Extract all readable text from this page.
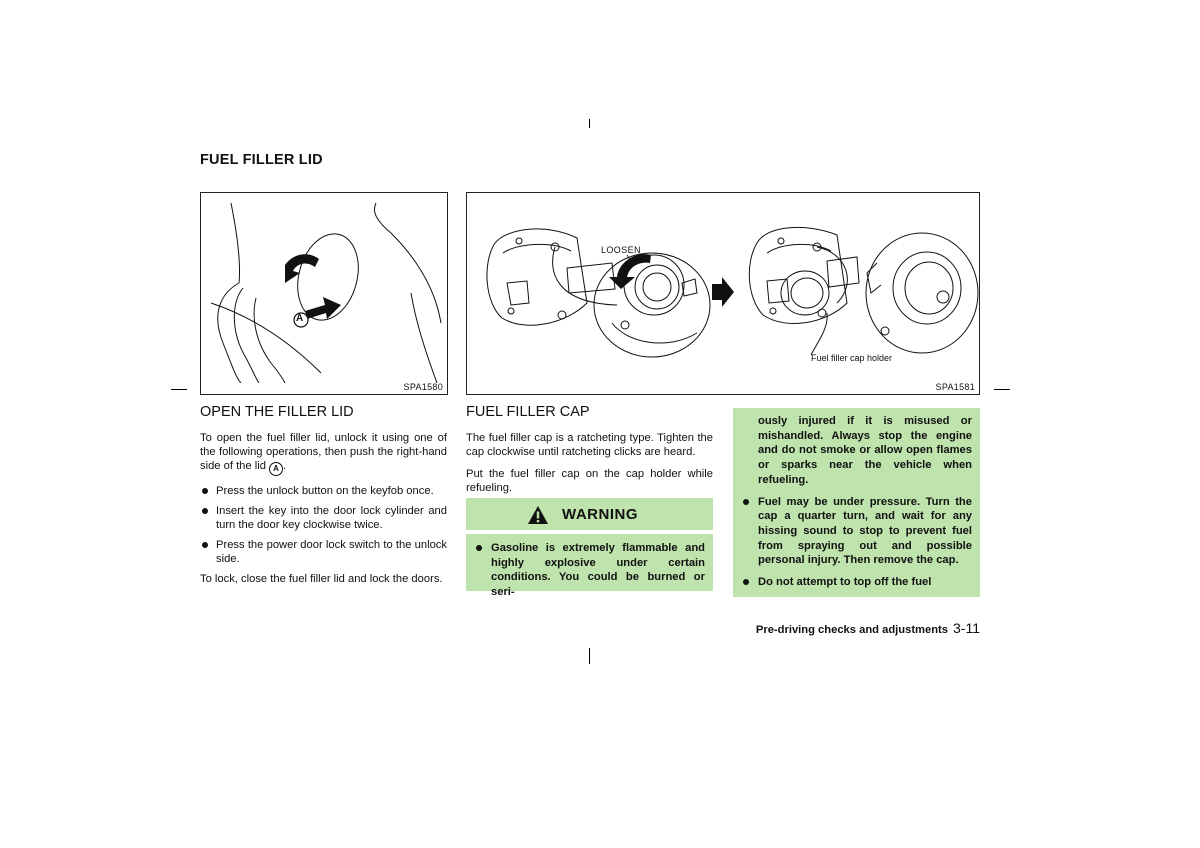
FUEL FILLER LID
A
SPA1580
LOOSEN
Fuel filler cap holder
SPA1581
OPEN THE FILLER LID

To open the fuel filler lid, unlock it using one of the following operations, then push the right-hand side of the lid A .

Press the unlock button on the keyfob once.
Insert the key into the door lock cylinder and turn the door key clockwise twice.
Press the power door lock switch to the unlock side.

To lock, close the fuel filler lid and lock the doors.

FUEL FILLER CAP

The fuel filler cap is a ratcheting type. Tighten the cap clockwise until ratcheting clicks are heard.

Put the fuel filler cap on the cap holder while refueling.

WARNING
Gasoline is extremely flammable and highly explosive under certain conditions. You could be burned or seri-
ously injured if it is misused or mishandled. Always stop the engine and do not smoke or allow open flames or sparks near the vehicle when refueling.
Fuel may be under pressure. Turn the cap a quarter turn, and wait for any hissing sound to stop to prevent fuel from spraying out and possible personal injury. Then remove the cap.
Do not attempt to top off the fuel
Pre-driving checks and adjustments 3-11
